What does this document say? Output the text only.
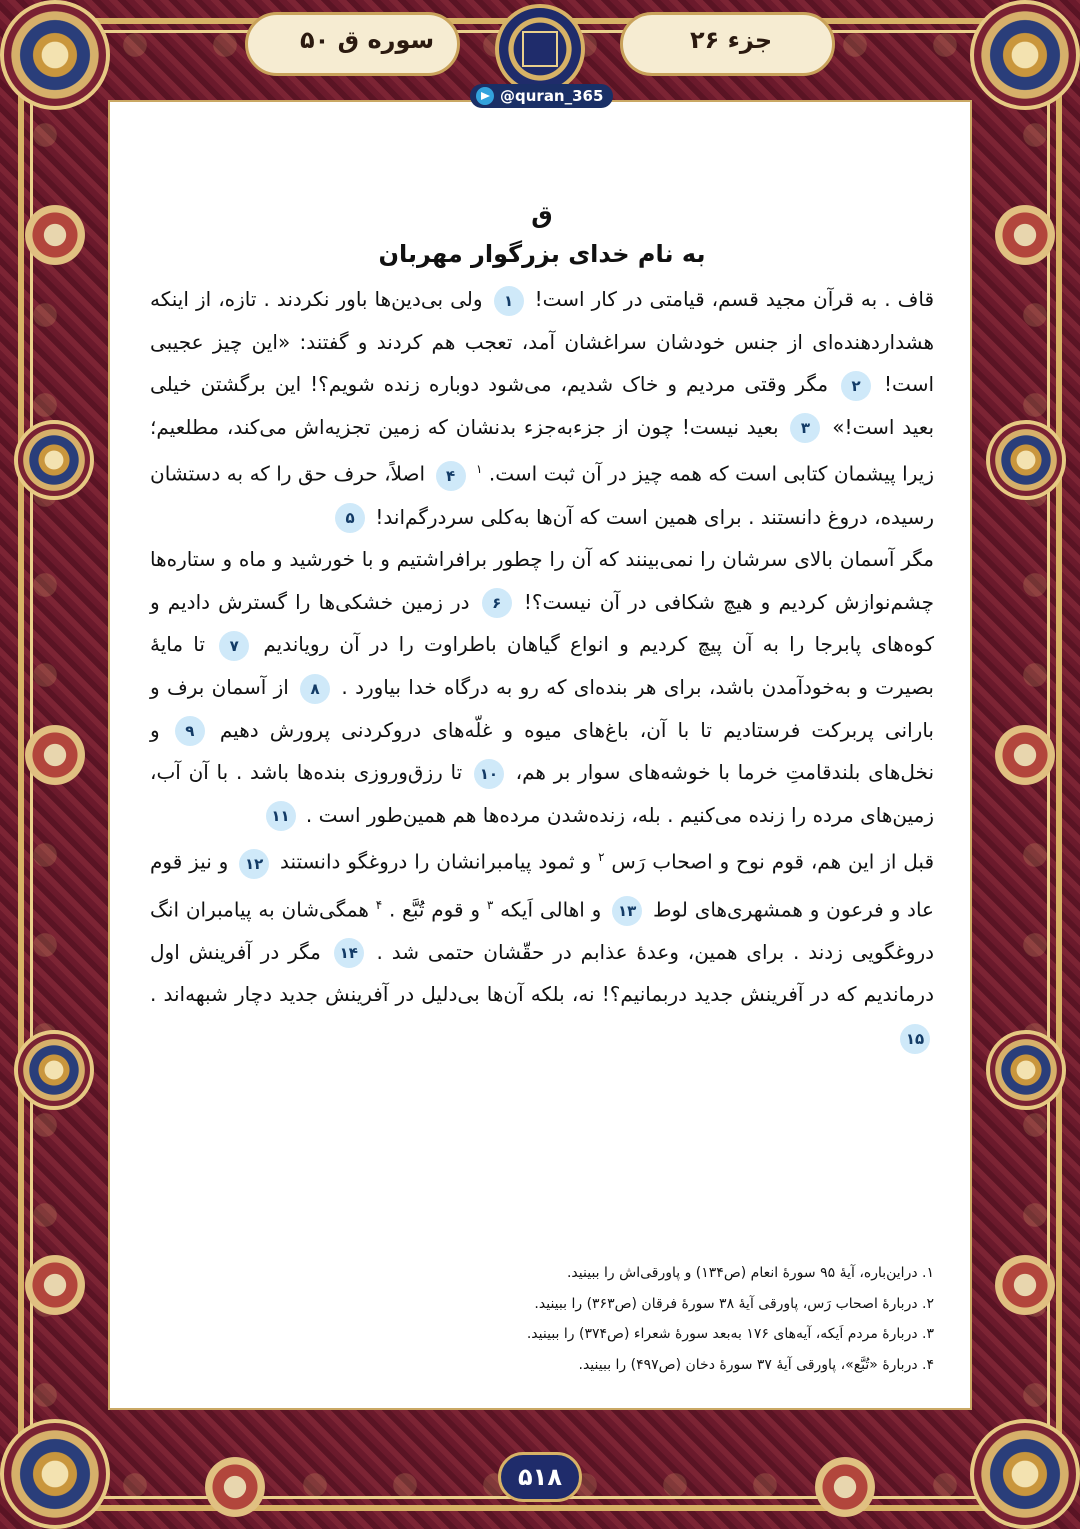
سوره ق ۵۰	جزء ۲۶
@quran_365
ق
به نام خدای بزرگوار مهربان

قاف . به قرآن مجید قسم، قیامتی در کار است! ۱ ولی بی‌دین‌ها باور نکردند . تازه، از اینکه هشداردهنده‌ای از جنس خودشان سراغشان آمد، تعجب هم کردند و گفتند: «این چیز عجیبی است! ۲ مگر وقتی مردیم و خاک شدیم، می‌شود دوباره زنده شویم؟! این برگشتن خیلی بعید است!» ۳ بعید نیست! چون از جزء‌به‌جزء بدنشان که زمین تجزیه‌اش می‌کند، مطلعیم؛ زیرا پیشمان کتابی است که همه چیز در آن ثبت است. $^۱$ ۴ اصلاً، حرف حق را که به دستشان رسیده، دروغ دانستند . برای همین است که آن‌ها به‌کلی سردرگم‌اند! ۵

مگر آسمان بالای سرشان را نمی‌بینند که آن را چطور برافراشتیم و با خورشید و ماه و ستاره‌ها چشم‌نوازش کردیم و هیچ شکافی در آن نیست؟! ۶ در زمین خشکی‌ها را گسترش دادیم و کوه‌های پابرجا را به آن پیچ کردیم و انواع گیاهان باطراوت را در آن رویاندیم ۷ تا مایهٔ بصیرت و به‌خودآمدن باشد، برای هر بنده‌ای که رو به درگاه خدا بیاورد . ۸ از آسمان برف و بارانی پربرکت فرستادیم تا با آن، باغ‌های میوه و غلّه‌های دروکردنی پرورش دهیم ۹ و نخل‌های بلندقامتِ خرما با خوشه‌های سوار بر هم، ۱۰ تا رزق‌وروزی بنده‌ها باشد . با آن آب، زمین‌های مرده را زنده می‌کنیم . بله، زنده‌شدن مرده‌ها هم همین‌طور است . ۱۱

قبل از این هم، قوم نوح و اصحاب رَس $^۲$ و ثمود پیامبرانشان را دروغگو دانستند ۱۲ و نیز قوم عاد و فرعون و همشهری‌های لوط ۱۳ و اهالی اَیکه $^۳$ و قوم تُبَّع . $^۴$ همگی‌شان به پیامبران انگ دروغگویی زدند . برای همین، وعدهٔ عذابم در حقّشان حتمی شد . ۱۴ مگر در آفرینش اول درماندیم که در آفرینش جدید دربمانیم؟! نه، بلکه آن‌ها بی‌دلیل در آفرینش جدید دچار شبهه‌اند . ۱۵

۱. دراین‌باره، آیهٔ ۹۵ سورهٔ انعام (ص۱۳۴) و پاورقی‌اش را ببینید.
۲. دربارهٔ اصحاب رَس، پاورقی آیهٔ ۳۸ سورهٔ فرقان (ص۳۶۳) را ببینید.
۳. دربارهٔ مردم اَیکه، آیه‌های ۱۷۶ به‌بعد سورهٔ شعراء (ص۳۷۴) را ببینید.
۴. دربارهٔ «تُبَّع»، پاورقی آیهٔ ۳۷ سورهٔ دخان (ص۴۹۷) را ببینید.
۵۱۸
